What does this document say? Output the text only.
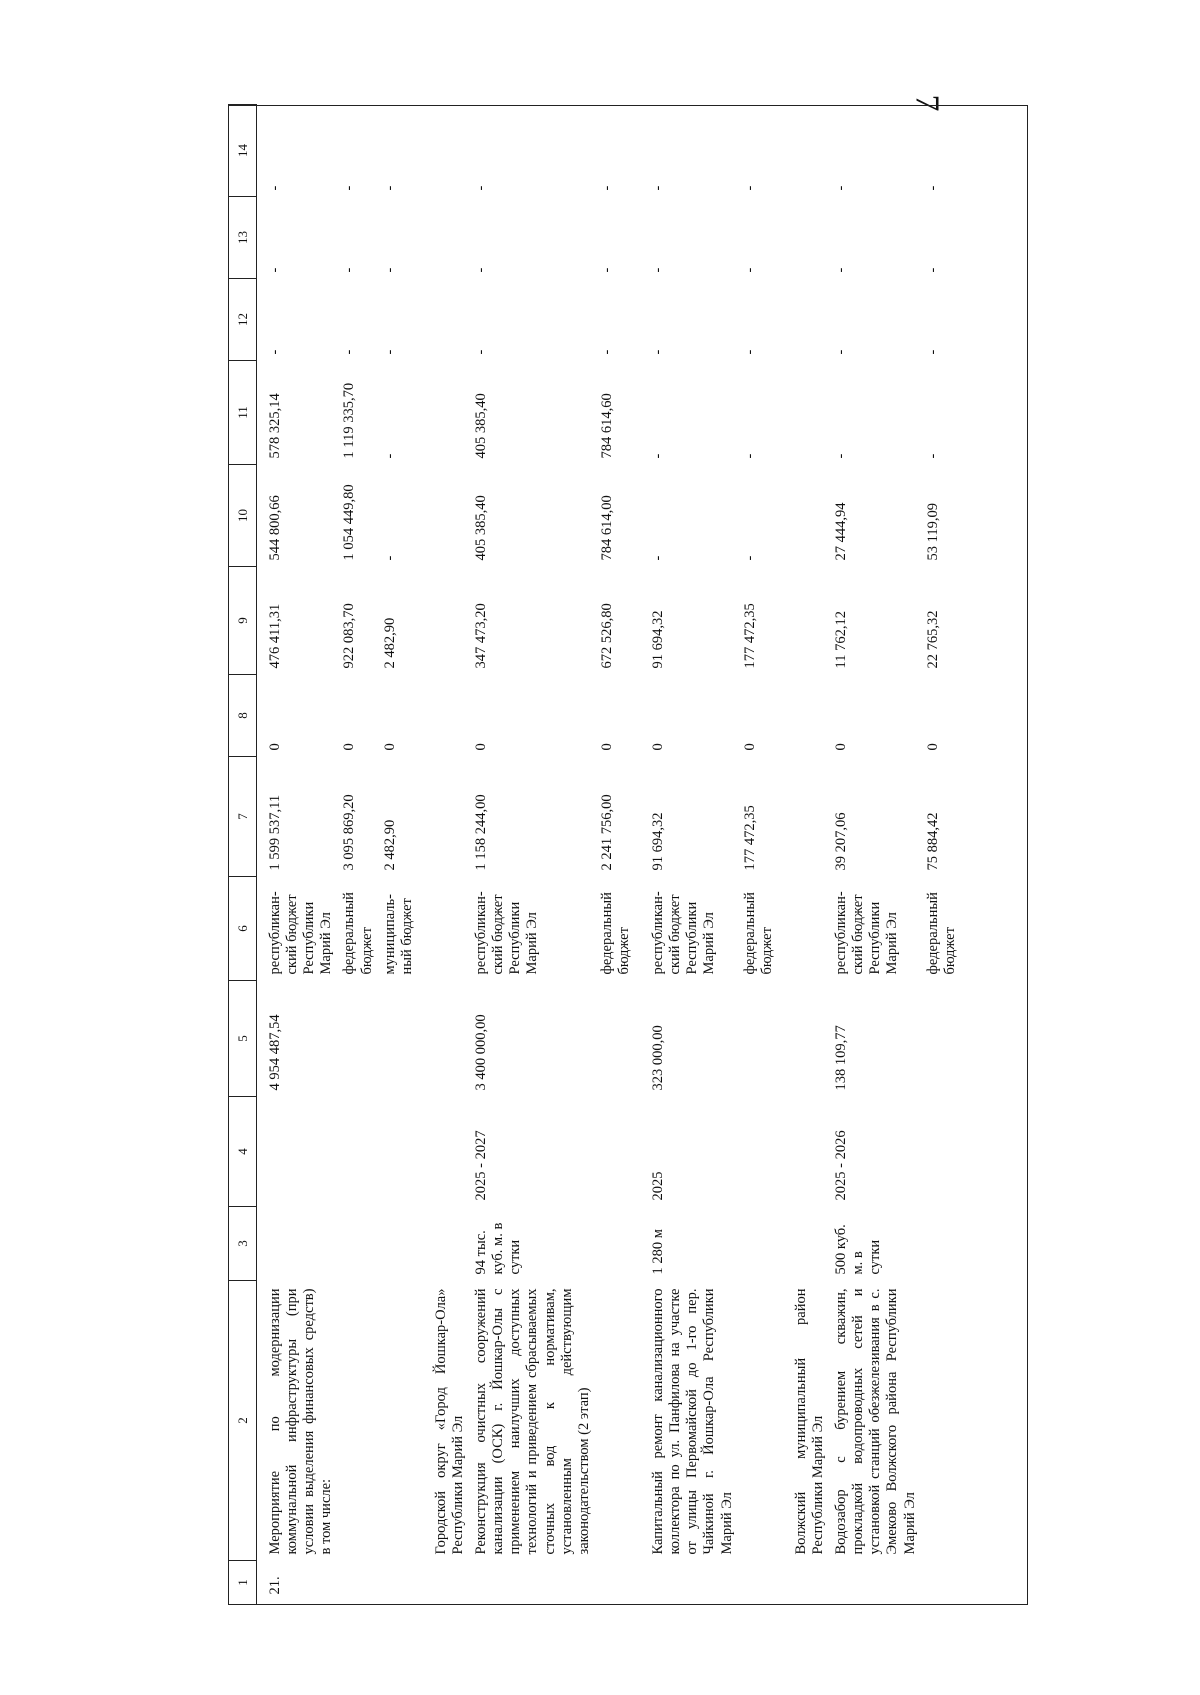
7
1	2	3	4	5	6	7	8	9	10	11	12	13	14
21.	Мероприятие по модернизации коммунальной инфраструктуры (при условии выделения финансовых средств) в том числе:			4 954 487,54	республикан-ский бюджет Республики Марий Эл	1 599 537,11	0	476 411,31	544 800,66	578 325,14	-	-	-
					федеральный бюджет	3 095 869,20	0	922 083,70	1 054 449,80	1 119 335,70	-	-	-
					муниципаль-ный бюджет	2 482,90	0	2 482,90	-	-	-	-	-
	Городской округ «Город Йошкар-Ола» Республики Марий Эл												
	Реконструкция очистных сооружений канализации (ОСК) г. Йошкар-Олы с применением наилучших доступных технологий и приведением сбрасываемых сточных вод к нормативам, установленным действующим законодательством (2 этап)	94 тыс. куб. м. в сутки	2025 - 2027	3 400 000,00	республикан-ский бюджет Республики Марий Эл	1 158 244,00	0	347 473,20	405 385,40	405 385,40	-	-	-
					федеральный бюджет	2 241 756,00	0	672 526,80	784 614,00	784 614,60	-	-	-
	Капитальный ремонт канализационного коллектора по ул. Панфилова на участке от улицы Первомайской до 1-го пер. Чайкиной г. Йошкар-Ола Республики Марий Эл	1 280 м	2025	323 000,00	республикан-ский бюджет Республики Марий Эл	91 694,32	0	91 694,32	-	-	-	-	-
					федеральный бюджет	177 472,35	0	177 472,35	-	-	-	-	-
	Волжский муниципальный район Республики Марий Эл												
	Водозабор с бурением скважин, прокладкой водопроводных сетей и установкой станций обезжелезивания в с. Эмеково Волжского района Республики Марий Эл	500 куб. м. в сутки	2025 - 2026	138 109,77	республикан-ский бюджет Республики Марий Эл	39 207,06	0	11 762,12	27 444,94	-	-	-	-
					федеральный бюджет	75 884,42	0	22 765,32	53 119,09	-	-	-	-
